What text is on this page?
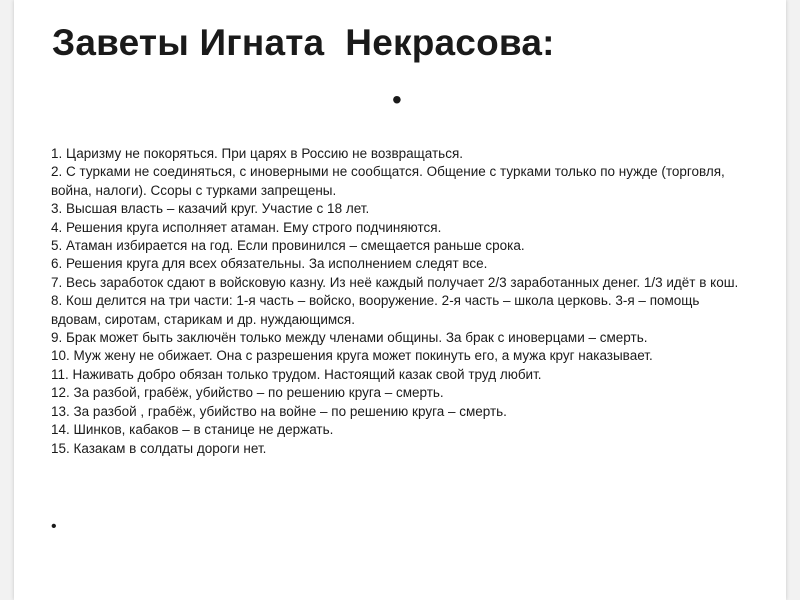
Заветы Игната  Некрасова:
•
1. Царизму не покоряться. При царях в Россию не возвращаться.
2. С турками не соединяться, с иноверными не сообщатся. Общение с турками только по нужде (торговля, война, налоги). Ссоры с турками запрещены.
3. Высшая власть – казачий круг. Участие с 18 лет.
4. Решения круга исполняет атаман. Ему строго подчиняются.
5. Атаман избирается на год. Если провинился – смещается раньше срока.
6. Решения круга для всех обязательны. За исполнением следят все.
7. Весь заработок сдают в войсковую казну. Из неё каждый получает 2/3 заработанных денег. 1/3 идёт в кош.
8. Кош делится на три части: 1-я часть – войско, вооружение. 2-я часть – школа церковь. 3-я – помощь вдовам, сиротам, старикам и др. нуждающимся.
9. Брак может быть заключён только между членами общины. За брак с иноверцами – смерть.
10. Муж жену не обижает. Она с разрешения круга может покинуть его, а мужа круг наказывает.
11. Наживать добро обязан только трудом. Настоящий казак свой труд любит.
12. За разбой, грабёж, убийство – по решению круга – смерть.
13. За разбой , грабёж, убийство на войне – по решению круга – смерть.
14. Шинков, кабаков – в станице не держать.
15. Казакам в солдаты дороги нет.
•
